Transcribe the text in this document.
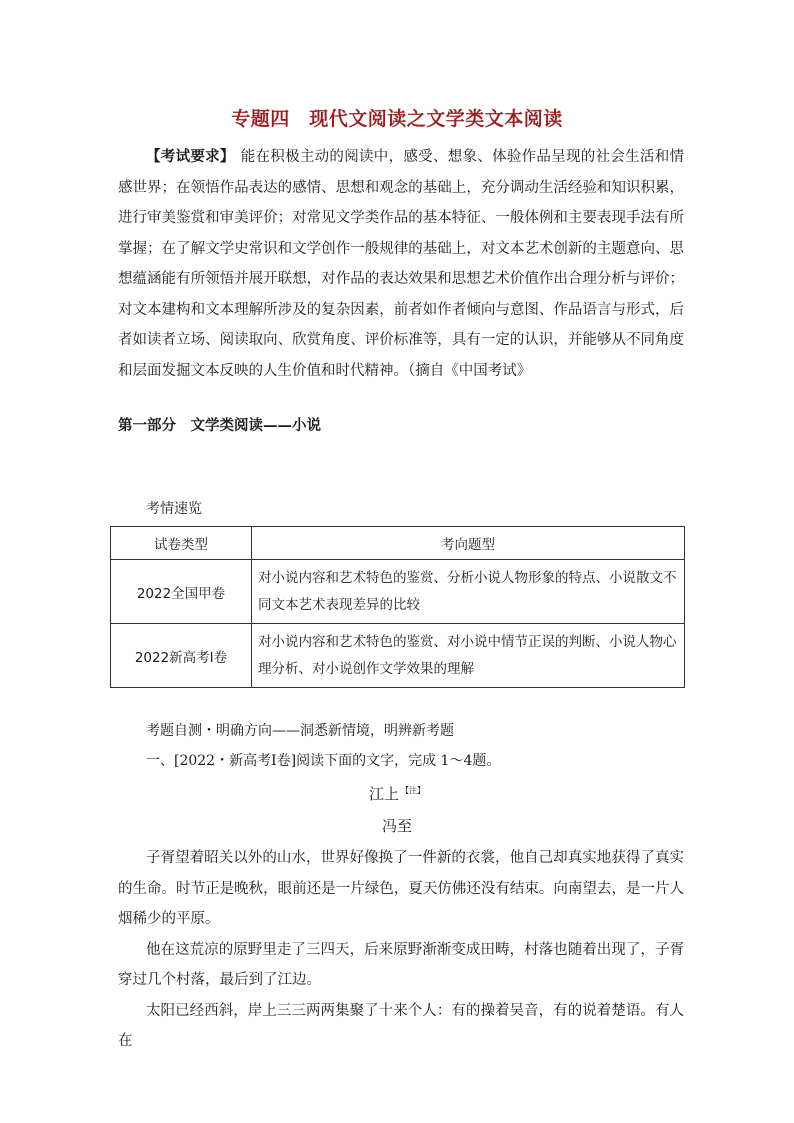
专题四　现代文阅读之文学类文本阅读
【考试要求】 能在积极主动的阅读中，感受、想象、体验作品呈现的社会生活和情感世界；在领悟作品表达的感情、思想和观念的基础上，充分调动生活经验和知识积累，进行审美鉴赏和审美评价；对常见文学类作品的基本特征、一般体例和主要表现手法有所掌握；在了解文学史常识和文学创作一般规律的基础上，对文本艺术创新的主题意向、思想蕴涵能有所领悟并展开联想，对作品的表达效果和思想艺术价值作出合理分析与评价；对文本建构和文本理解所涉及的复杂因素，前者如作者倾向与意图、作品语言与形式，后者如读者立场、阅读取向、欣赏角度、评价标准等，具有一定的认识，并能够从不同角度和层面发掘文本反映的人生价值和时代精神。（摘自《中国考试》
第一部分　文学类阅读——小说
考情速览
试卷类型	考向题型
2022全国甲卷	对小说内容和艺术特色的鉴赏、分析小说人物形象的特点、小说散文不同文本艺术表现差异的比较
2022新高考Ⅰ卷	对小说内容和艺术特色的鉴赏、对小说中情节正误的判断、小说人物心理分析、对小说创作文学效果的理解
考题自测・明确方向——洞悉新情境，明辨新考题
一、[2022・新高考Ⅰ卷]阅读下面的文字，完成 1～4题。
江上 $^{【注】}$
冯至

子胥望着昭关以外的山水，世界好像换了一件新的衣裳，他自己却真实地获得了真实的生命。时节正是晚秋，眼前还是一片绿色，夏天仿佛还没有结束。向南望去，是一片人烟稀少的平原。

他在这荒凉的原野里走了三四天，后来原野渐渐变成田畴，村落也随着出现了，子胥穿过几个村落，最后到了江边。

太阳已经西斜，岸上三三两两集聚了十来个人：有的操着吴音，有的说着楚语。有人在
